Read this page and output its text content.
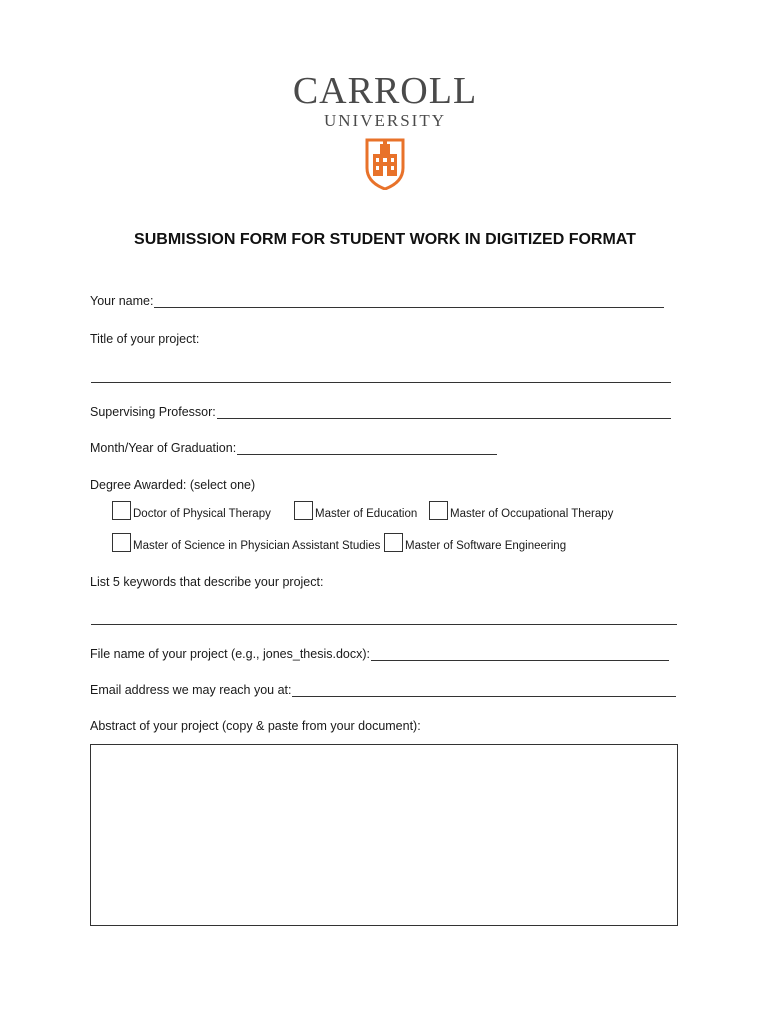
CARROLL
UNIVERSITY
SUBMISSION FORM FOR STUDENT WORK IN DIGITIZED FORMAT
Your name:
Title of your project:
Supervising Professor:
Month/Year of Graduation:
Degree Awarded: (select one)
Doctor of Physical Therapy	Master of Education	Master of Occupational Therapy
Master of Science in Physician Assistant Studies Master of Software Engineering
List 5 keywords that describe your project:
File name of your project (e.g., jones_thesis.docx):
Email address we may reach you at:
Abstract of your project (copy & paste from your document):
